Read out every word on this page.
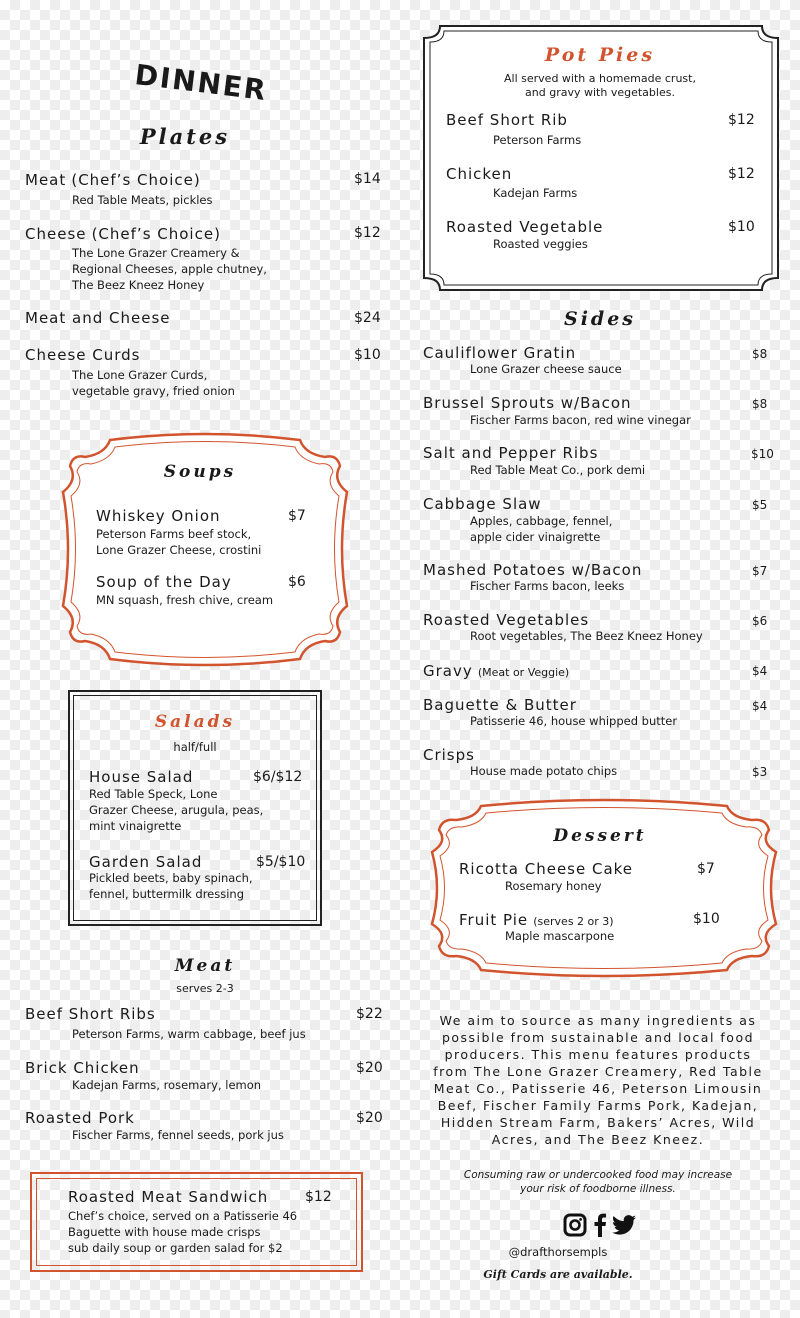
DINNER
Plates
Meat (Chef’s Choice)	$14
Red Table Meats, pickles
Cheese (Chef’s Choice)	$12
The Lone Grazer Creamery &
Regional Cheeses, apple chutney,
The Beez Kneez Honey
Meat and Cheese	$24
Cheese Curds	$10
The Lone Grazer Curds,
vegetable gravy, fried onion
Soups
Whiskey Onion	$7
Peterson Farms beef stock,
Lone Grazer Cheese, crostini
Soup of the Day	$6
MN squash, fresh chive, cream
Salads
half/full
House Salad	$6/$12
Red Table Speck, Lone
Grazer Cheese, arugula, peas,
mint vinaigrette
Garden Salad	$5/$10
Pickled beets, baby spinach,
fennel, buttermilk dressing
Meat
serves 2-3
Beef Short Ribs	$22
Peterson Farms, warm cabbage, beef jus
Brick Chicken	$20
Kadejan Farms, rosemary, lemon
Roasted Pork	$20
Fischer Farms, fennel seeds, pork jus
Roasted Meat Sandwich	$12
Chef’s choice, served on a Patisserie 46
Baguette with house made crisps
sub daily soup or garden salad for $2
Pot Pies
All served with a homemade crust,
and gravy with vegetables.
Beef Short Rib	$12
Peterson Farms
Chicken	$12
Kadejan Farms
Roasted Vegetable	$10
Roasted veggies
Sides
Cauliflower Gratin	$8
Lone Grazer cheese sauce
Brussel Sprouts w/Bacon	$8
Fischer Farms bacon, red wine vinegar
Salt and Pepper Ribs	$10
Red Table Meat Co., pork demi
Cabbage Slaw	$5
Apples, cabbage, fennel,
apple cider vinaigrette
Mashed Potatoes w/Bacon	$7
Fischer Farms bacon, leeks
Roasted Vegetables	$6
Root vegetables, The Beez Kneez Honey
Gravy (Meat or Veggie)	$4
Baguette & Butter	$4
Patisserie 46, house whipped butter
Crisps
House made potato chips	$3
Dessert
Ricotta Cheese Cake	$7
Rosemary honey
Fruit Pie (serves 2 or 3)	$10
Maple mascarpone
We aim to source as many ingredients as
possible from sustainable and local food
producers. This menu features products
from The Lone Grazer Creamery, Red Table
Meat Co., Patisserie 46, Peterson Limousin
Beef, Fischer Family Farms Pork, Kadejan,
Hidden Stream Farm, Bakers’ Acres, Wild
Acres, and The Beez Kneez.
Consuming raw or undercooked food may increase
your risk of foodborne illness.
@drafthorsempls
Gift Cards are available.
